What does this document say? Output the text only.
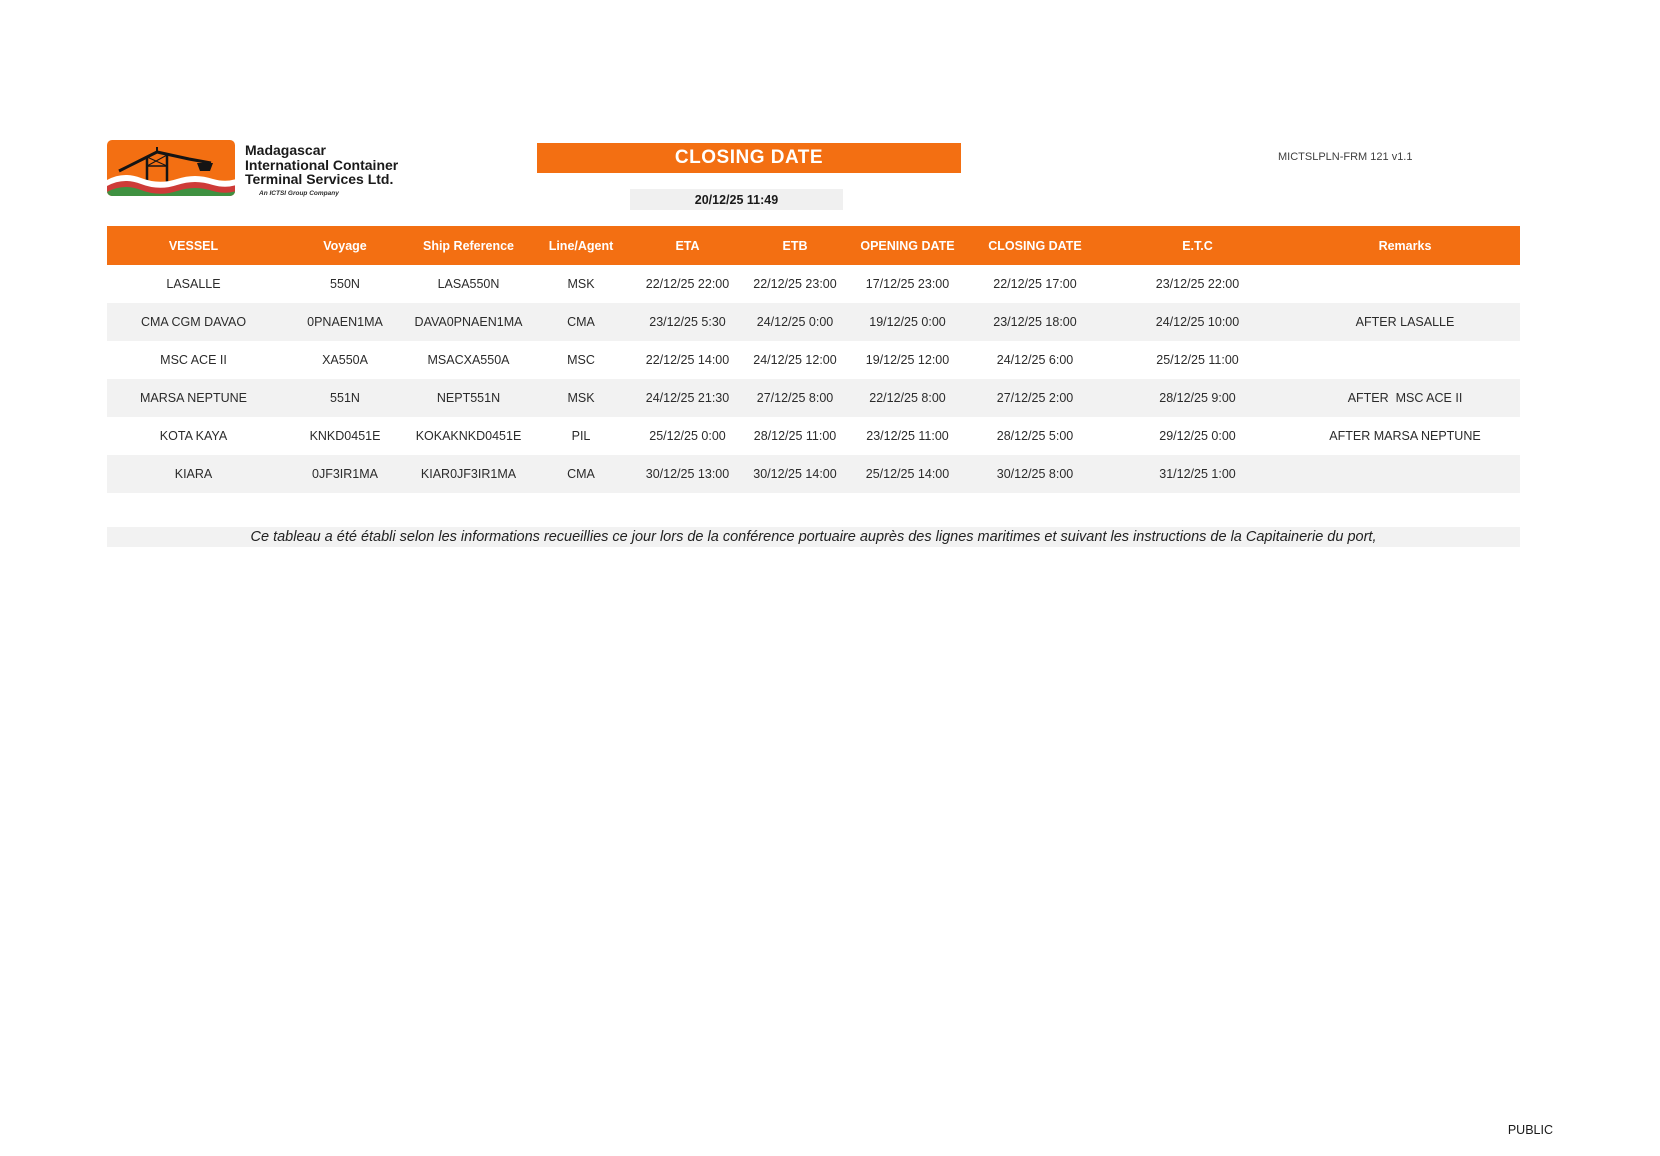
Madagascar
International Container
Terminal Services Ltd.
An ICTSI Group Company
CLOSING DATE
20/12/25 11:49
MICTSLPLN-FRM 121 v1.1
VESSEL	Voyage	Ship Reference	Line/Agent	ETA	ETB	OPENING DATE	CLOSING DATE	E.T.C	Remarks
LASALLE	550N	LASA550N	MSK	22/12/25 22:00	22/12/25 23:00	17/12/25 23:00	22/12/25 17:00	23/12/25 22:00	
CMA CGM DAVAO	0PNAEN1MA	DAVA0PNAEN1MA	CMA	23/12/25 5:30	24/12/25 0:00	19/12/25 0:00	23/12/25 18:00	24/12/25 10:00	AFTER LASALLE
MSC ACE II	XA550A	MSACXA550A	MSC	22/12/25 14:00	24/12/25 12:00	19/12/25 12:00	24/12/25 6:00	25/12/25 11:00	
MARSA NEPTUNE	551N	NEPT551N	MSK	24/12/25 21:30	27/12/25 8:00	22/12/25 8:00	27/12/25 2:00	28/12/25 9:00	AFTER  MSC ACE II
KOTA KAYA	KNKD0451E	KOKAKNKD0451E	PIL	25/12/25 0:00	28/12/25 11:00	23/12/25 11:00	28/12/25 5:00	29/12/25 0:00	AFTER MARSA NEPTUNE
KIARA	0JF3IR1MA	KIAR0JF3IR1MA	CMA	30/12/25 13:00	30/12/25 14:00	25/12/25 14:00	30/12/25 8:00	31/12/25 1:00	
Ce tableau a été établi selon les informations recueillies ce jour lors de la conférence portuaire auprès des lignes maritimes et suivant les instructions de la Capitainerie du port,
PUBLIC
